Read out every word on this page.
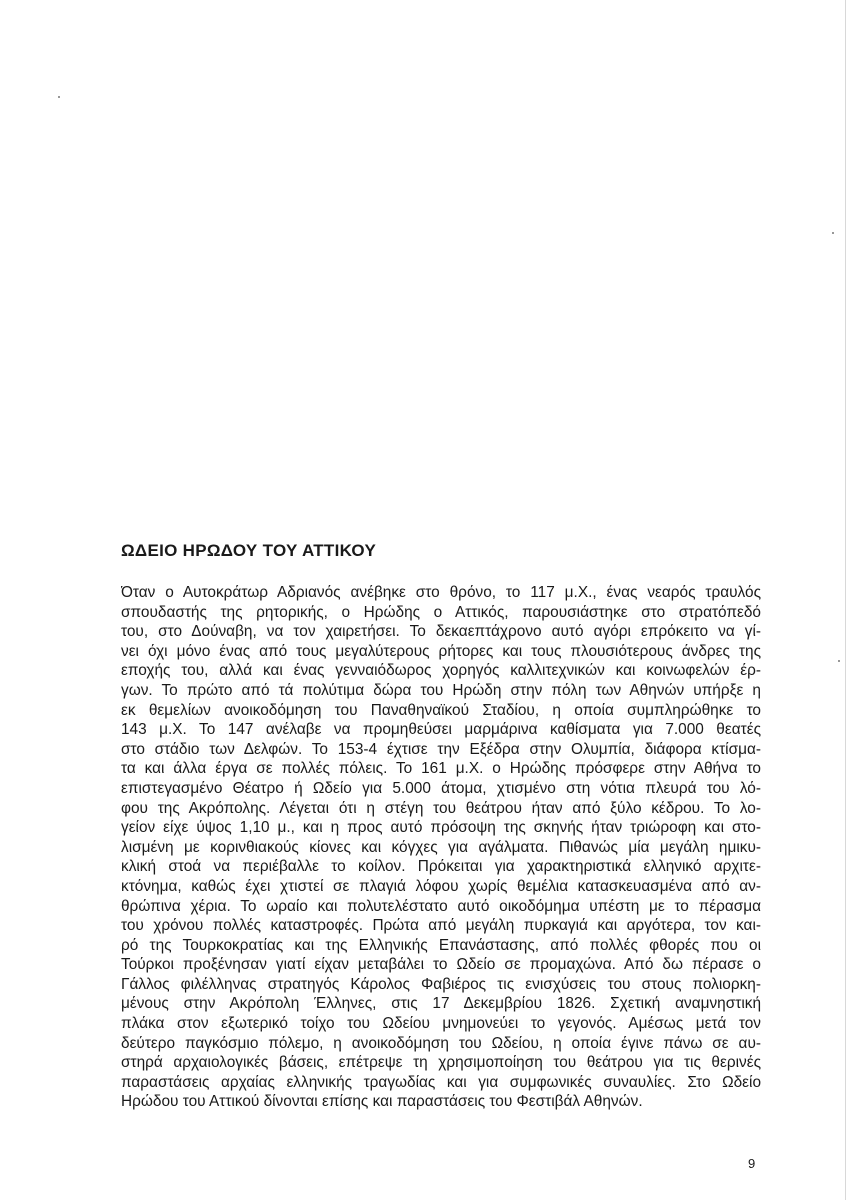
ΩΔΕΙΟ ΗΡΩΔΟΥ ΤΟΥ ΑΤΤΙΚΟΥ
Όταν ο Αυτοκράτωρ Αδριανός ανέβηκε στο θρόνο, το 117 μ.Χ., ένας νεαρός τραυλός
σπουδαστής της ρητορικής, ο Ηρώδης ο Αττικός, παρουσιάστηκε στο στρατόπεδό
του, στο Δούναβη, να τον χαιρετήσει. Το δεκαεπτάχρονο αυτό αγόρι επρόκειτο να γί-
νει όχι μόνο ένας από τους μεγαλύτερους ρήτορες και τους πλουσιότερους άνδρες της
εποχής του, αλλά και ένας γενναιόδωρος χορηγός καλλιτεχνικών και κοινωφελών έρ-
γων. Το πρώτο από τά πολύτιμα δώρα του Ηρώδη στην πόλη των Αθηνών υπήρξε η
εκ θεμελίων ανοικοδόμηση του Παναθηναϊκού Σταδίου, η οποία συμπληρώθηκε το
143 μ.Χ. Το 147 ανέλαβε να προμηθεύσει μαρμάρινα καθίσματα για 7.000 θεατές
στο στάδιο των Δελφών. Το 153-4 έχτισε την Εξέδρα στην Ολυμπία, διάφορα κτίσμα-
τα και άλλα έργα σε πολλές πόλεις. Το 161 μ.Χ. ο Ηρώδης πρόσφερε στην Αθήνα το
επιστεγασμένο Θέατρο ή Ωδείο για 5.000 άτομα, χτισμένο στη νότια πλευρά του λό-
φου της Ακρόπολης. Λέγεται ότι η στέγη του θεάτρου ήταν από ξύλο κέδρου. Το λο-
γείον είχε ύψος 1,10 μ., και η προς αυτό πρόσοψη της σκηνής ήταν τριώροφη και στο-
λισμένη με κορινθιακούς κίονες και κόγχες για αγάλματα. Πιθανώς μία μεγάλη ημικυ-
κλική στοά να περιέβαλλε το κοίλον. Πρόκειται για χαρακτηριστικά ελληνικό αρχιτε-
κτόνημα, καθώς έχει χτιστεί σε πλαγιά λόφου χωρίς θεμέλια κατασκευασμένα από αν-
θρώπινα χέρια. Το ωραίο και πολυτελέστατο αυτό οικοδόμημα υπέστη με το πέρασμα
του χρόνου πολλές καταστροφές. Πρώτα από μεγάλη πυρκαγιά και αργότερα, τον και-
ρό της Τουρκοκρατίας και της Ελληνικής Επανάστασης, από πολλές φθορές που οι
Τούρκοι προξένησαν γιατί είχαν μεταβάλει το Ωδείο σε προμαχώνα. Από δω πέρασε ο
Γάλλος φιλέλληνας στρατηγός Κάρολος Φαβιέρος τις ενισχύσεις του στους πολιορκη-
μένους στην Ακρόπολη Έλληνες, στις 17 Δεκεμβρίου 1826. Σχετική αναμνηστική
πλάκα στον εξωτερικό τοίχο του Ωδείου μνημονεύει το γεγονός. Αμέσως μετά τον
δεύτερο παγκόσμιο πόλεμο, η ανοικοδόμηση του Ωδείου, η οποία έγινε πάνω σε αυ-
στηρά αρχαιολογικές βάσεις, επέτρεψε τη χρησιμοποίηση του θεάτρου για τις θερινές
παραστάσεις αρχαίας ελληνικής τραγωδίας και για συμφωνικές συναυλίες. Στο Ωδείο
Ηρώδου του Αττικού δίνονται επίσης και παραστάσεις του Φεστιβάλ Αθηνών.
9
